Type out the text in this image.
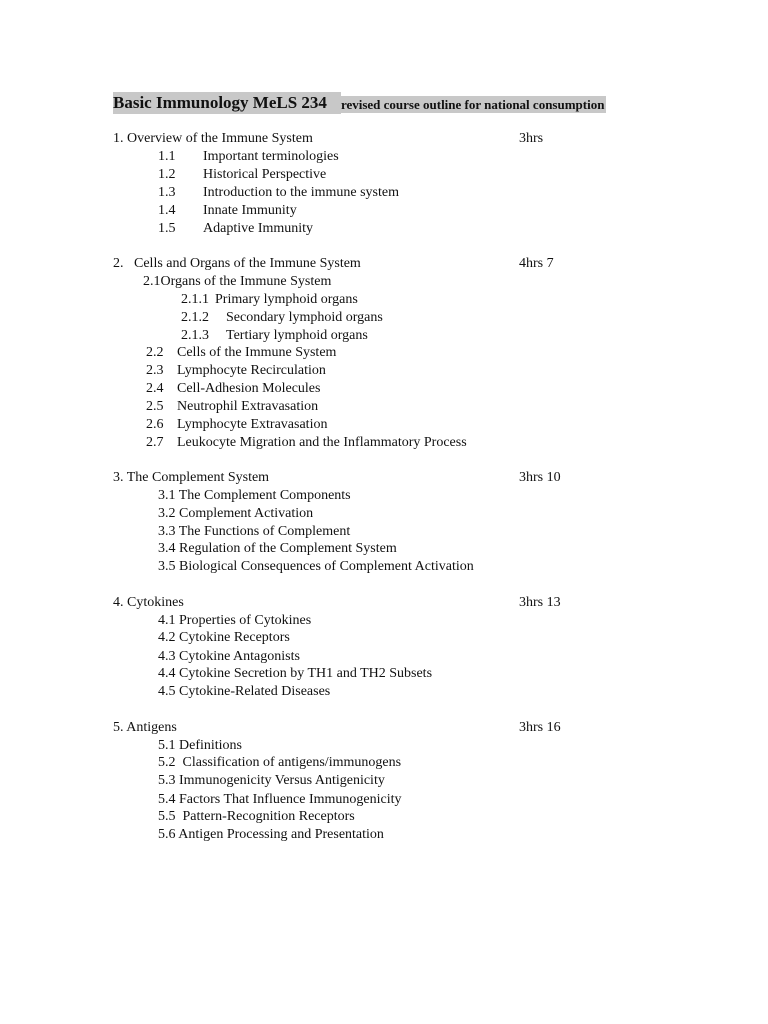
Basic Immunology MeLS 234 revised course outline for national consumption
1. Overview of the Immune System	3hrs
1.1 Important terminologies
1.2 Historical Perspective
1.3 Introduction to the immune system
1.4 Innate Immunity
1.5 Adaptive Immunity
2.   Cells and Organs of the Immune System	4hrs 7
2.1Organs of the Immune System
2.1.1 Primary lymphoid organs
2.1.2 Secondary lymphoid organs
2.1.3 Tertiary lymphoid organs
2.2 Cells of the Immune System
2.3 Lymphocyte Recirculation
2.4 Cell-Adhesion Molecules
2.5 Neutrophil Extravasation
2.6 Lymphocyte Extravasation
2.7 Leukocyte Migration and the Inflammatory Process
3. The Complement System	3hrs 10
3.1 The Complement Components
3.2 Complement Activation
3.3 The Functions of Complement
3.4 Regulation of the Complement System
3.5 Biological Consequences of Complement Activation
4. Cytokines	3hrs 13
4.1 Properties of Cytokines
4.2 Cytokine Receptors
4.3 Cytokine Antagonists
4.4 Cytokine Secretion by TH1 and TH2 Subsets
4.5 Cytokine-Related Diseases
5. Antigens	3hrs 16
5.1 Definitions
5.2  Classification of antigens/immunogens
5.3 Immunogenicity Versus Antigenicity
5.4 Factors That Influence Immunogenicity
5.5  Pattern-Recognition Receptors
5.6 Antigen Processing and Presentation
